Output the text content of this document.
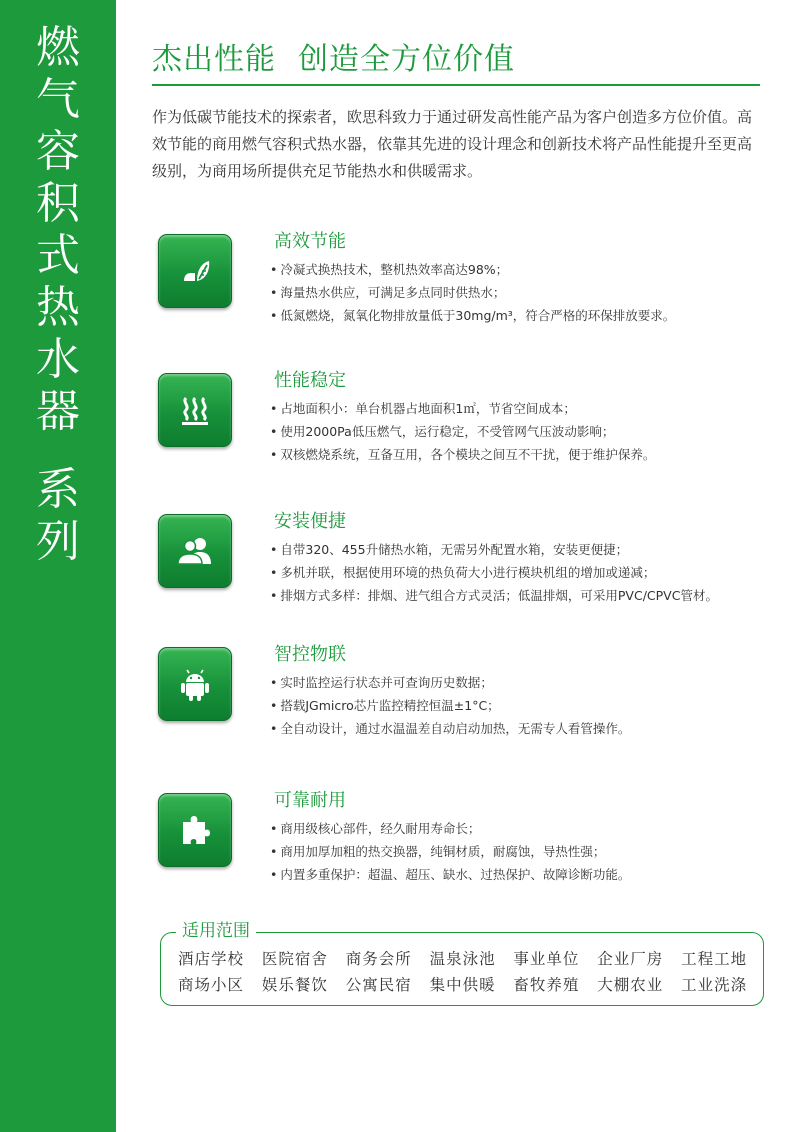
燃气容积式热水器
系列
杰出性能 创造全方位价值

作为低碳节能技术的探索者，欧思科致力于通过研发高性能产品为客户创造多方位价值。高效节能的商用燃气容积式热水器，依靠其先进的设计理念和创新技术将产品性能提升至更高级别，为商用场所提供充足节能热水和供暖需求。

高效节能
• 冷凝式换热技术，整机热效率高达98%；
• 海量热水供应，可满足多点同时供热水；
• 低氮燃烧，氮氧化物排放量低于30mg/m³，符合严格的环保排放要求。
性能稳定
• 占地面积小：单台机器占地面积1㎡，节省空间成本；
• 使用2000Pa低压燃气，运行稳定，不受管网气压波动影响；
• 双核燃烧系统，互备互用，各个模块之间互不干扰，便于维护保养。
安装便捷
• 自带320、455升储热水箱，无需另外配置水箱，安装更便捷；
• 多机并联，根据使用环境的热负荷大小进行模块机组的增加或递减；
• 排烟方式多样：排烟、进气组合方式灵活；低温排烟，可采用PVC/CPVC管材。
智控物联
• 实时监控运行状态并可查询历史数据；
• 搭载JGmicro芯片监控精控恒温±1°C；
• 全自动设计，通过水温温差自动启动加热，无需专人看管操作。
可靠耐用
• 商用级核心部件，经久耐用寿命长；
• 商用加厚加粗的热交换器，纯铜材质，耐腐蚀，导热性强；
• 内置多重保护：超温、超压、缺水、过热保护、故障诊断功能。
适用范围
酒店学校	医院宿舍	商务会所	温泉泳池	事业单位	企业厂房	工程工地
商场小区	娱乐餐饮	公寓民宿	集中供暖	畜牧养殖	大棚农业	工业洗涤
